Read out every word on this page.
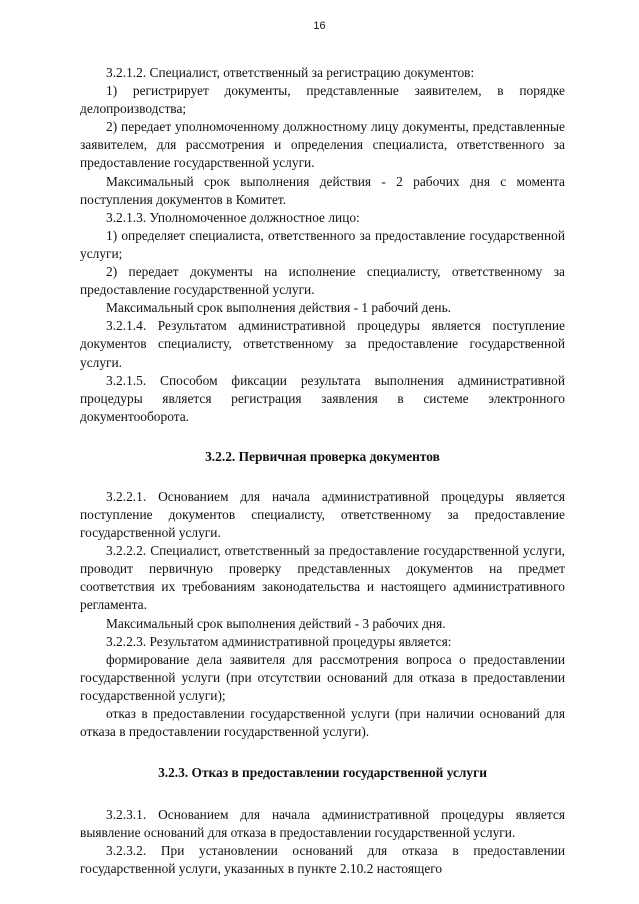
16

3.2.1.2. Специалист, ответственный за регистрацию документов:

1) регистрирует документы, представленные заявителем, в порядке делопроизводства;

2) передает уполномоченному должностному лицу документы, представленные заявителем, для рассмотрения и определения специалиста, ответственного за предоставление государственной услуги.

Максимальный срок выполнения действия - 2 рабочих дня с момента поступления документов в Комитет.

3.2.1.3. Уполномоченное должностное лицо:

1) определяет специалиста, ответственного за предоставление государственной услуги;

2) передает документы на исполнение специалисту, ответственному за предоставление государственной услуги.

Максимальный срок выполнения действия - 1 рабочий день.

3.2.1.4. Результатом административной процедуры является поступление документов специалисту, ответственному за предоставление государственной услуги.

3.2.1.5. Способом фиксации результата выполнения административной процедуры является регистрация заявления в системе электронного документооборота.

3.2.2. Первичная проверка документов

3.2.2.1. Основанием для начала административной процедуры является поступление документов специалисту, ответственному за предоставление государственной услуги.

3.2.2.2. Специалист, ответственный за предоставление государственной услуги, проводит первичную проверку представленных документов на предмет соответствия их требованиям законодательства и настоящего административного регламента.

Максимальный срок выполнения действий - 3 рабочих дня.

3.2.2.3. Результатом административной процедуры является:

формирование дела заявителя для рассмотрения вопроса о предоставлении государственной услуги (при отсутствии оснований для отказа в предоставлении государственной услуги);

отказ в предоставлении государственной услуги (при наличии оснований для отказа в предоставлении государственной услуги).

3.2.3. Отказ в предоставлении государственной услуги

3.2.3.1. Основанием для начала административной процедуры является выявление оснований для отказа в предоставлении государственной услуги.

3.2.3.2. При установлении оснований для отказа в предоставлении государственной услуги, указанных в пункте 2.10.2 настоящего
